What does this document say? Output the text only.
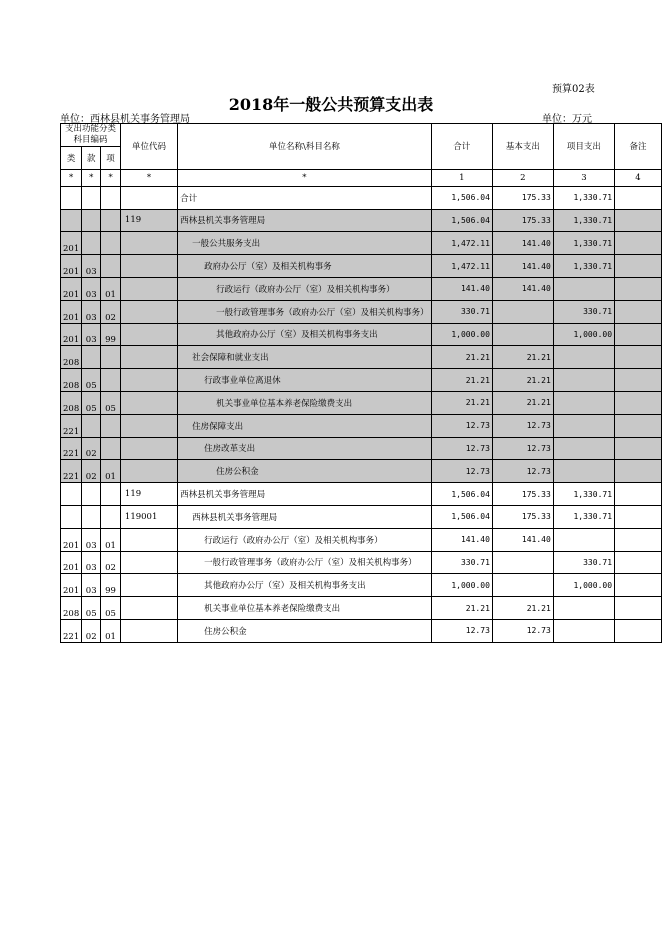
预算02表
2018年一般公共预算支出表
单位：西林县机关事务管理局	单位：万元
支出功能分类科目编码			单位代码	单位名称\科目名称	合计	基本支出	项目支出	备注
类	款	项						
*	*	*	*	*	1	2	3	4
				合计	1,506.04	175.33	1,330.71	
			119	西林县机关事务管理局	1,506.04	175.33	1,330.71	
201				一般公共服务支出	1,472.11	141.40	1,330.71	
201	03			政府办公厅（室）及相关机构事务	1,472.11	141.40	1,330.71	
201	03	01		行政运行（政府办公厅（室）及相关机构事务）	141.40	141.40		
201	03	02		一般行政管理事务（政府办公厅（室）及相关机构事务）	330.71		330.71	
201	03	99		其他政府办公厅（室）及相关机构事务支出	1,000.00		1,000.00	
208				社会保障和就业支出	21.21	21.21		
208	05			行政事业单位离退休	21.21	21.21		
208	05	05		机关事业单位基本养老保险缴费支出	21.21	21.21		
221				住房保障支出	12.73	12.73		
221	02			住房改革支出	12.73	12.73		
221	02	01		住房公积金	12.73	12.73		
			119	西林县机关事务管理局	1,506.04	175.33	1,330.71	
			119001	西林县机关事务管理局	1,506.04	175.33	1,330.71	
201	03	01		行政运行（政府办公厅（室）及相关机构事务）	141.40	141.40		
201	03	02		一般行政管理事务（政府办公厅（室）及相关机构事务）	330.71		330.71	
201	03	99		其他政府办公厅（室）及相关机构事务支出	1,000.00		1,000.00	
208	05	05		机关事业单位基本养老保险缴费支出	21.21	21.21		
221	02	01		住房公积金	12.73	12.73		
